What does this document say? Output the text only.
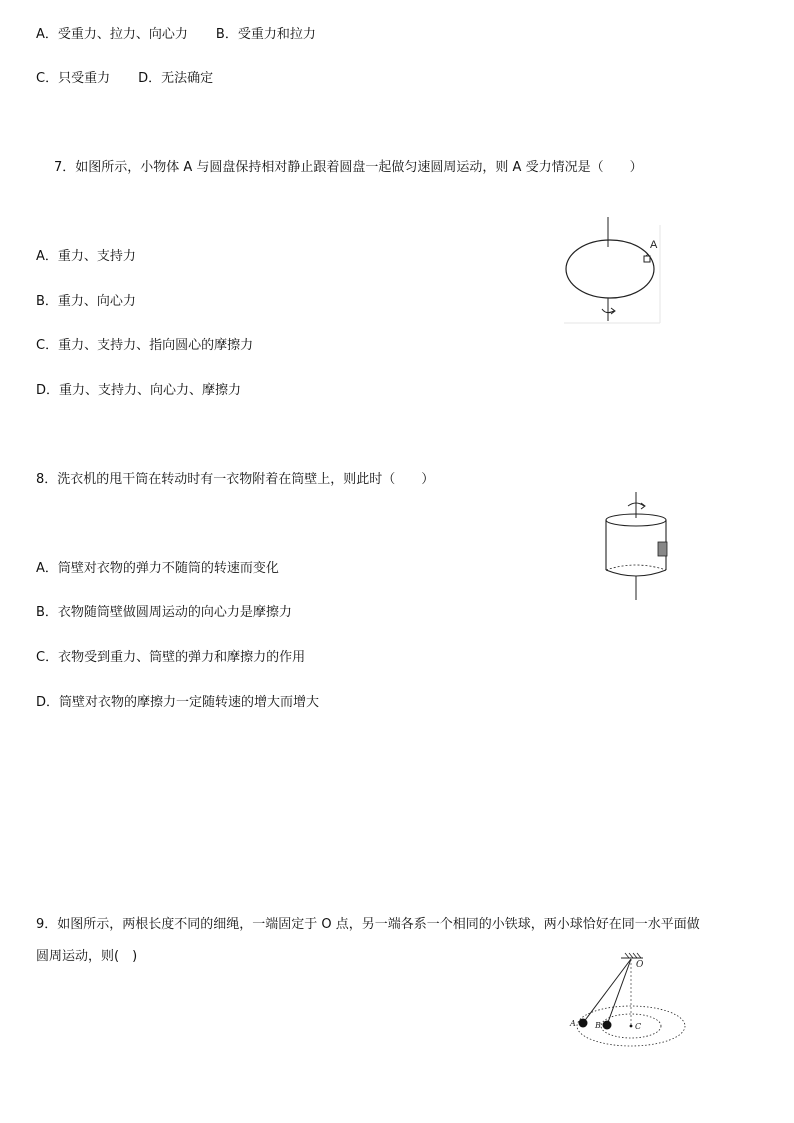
A．受重力、拉力、向心力 B．受重力和拉力
C．只受重力 D．无法确定
7．如图所示，小物体 A 与圆盘保持相对静止跟着圆盘一起做匀速圆周运动，则 A 受力情况是（　　）
A．重力、支持力
B．重力、向心力
C．重力、支持力、指向圆心的摩擦力
D．重力、支持力、向心力、摩擦力
A
8．洗衣机的甩干筒在转动时有一衣物附着在筒壁上，则此时（　　）
A．筒壁对衣物的弹力不随筒的转速而变化
B．衣物随筒壁做圆周运动的向心力是摩擦力
C．衣物受到重力、筒壁的弹力和摩擦力的作用
D．筒壁对衣物的摩擦力一定随转速的增大而增大
9．如图所示，两根长度不同的细绳，一端固定于 O 点，另一端各系一个相同的小铁球，两小球恰好在同一水平面做
圆周运动，则(　)
O
A B	C
